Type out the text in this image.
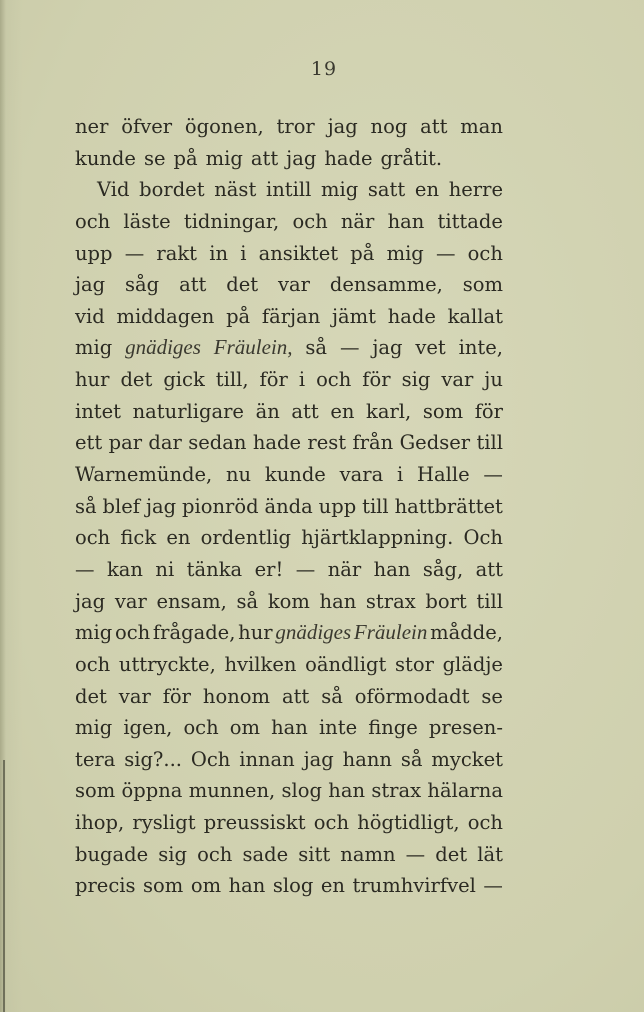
19
ner öfver ögonen, tror jag nog att man
kunde se på mig att jag hade gråtit.
Vid bordet näst intill mig satt en herre
och läste tidningar, och när han tittade
upp — rakt in i ansiktet på mig — och
jag såg att det var densamme, som
vid middagen på färjan jämt hade kallat
mig gnädiges Fräulein, så — jag vet inte,
hur det gick till, för i och för sig var ju
intet naturligare än att en karl, som för
ett par dar sedan hade rest från Gedser till
Warnemünde, nu kunde vara i Halle —
så blef jag pionröd ända upp till hattbrättet
och fick en ordentlig hjärtklappning. Och
— kan ni tänka er! — när han såg, att
jag var ensam, så kom han strax bort till
mig och frågade, hur gnädiges Fräulein mådde,
och uttryckte, hvilken oändligt stor glädje
det var för honom att så oförmodadt se
mig igen, och om han inte finge presen-
tera sig?... Och innan jag hann så mycket
som öppna munnen, slog han strax hälarna
ihop, rysligt preussiskt och högtidligt, och
bugade sig och sade sitt namn — det lät
precis som om han slog en trumhvirfvel —
